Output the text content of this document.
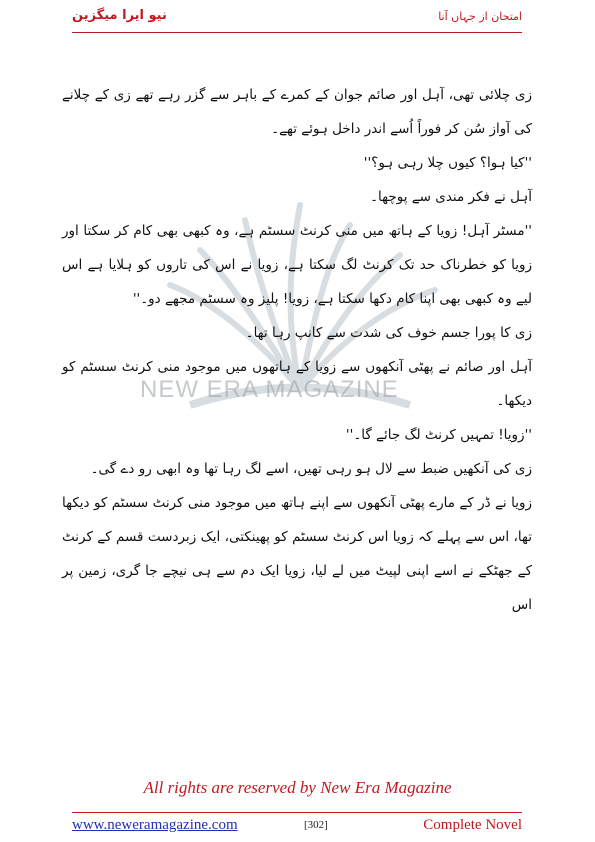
نیو ایرا میگزین	امتحان از جہاں آنا
NEW ERA MAGAZINE

زی چلائی تھی، آہل اور صائم جوان کے کمرے کے باہر سے گزر رہے تھے زی کے چلانے کی آواز سُن کر فوراً اُسے اندر داخل ہوئے تھے۔

''کیا ہوا؟ کیوں چلا رہی ہو؟''

آہل نے فکر مندی سے پوچھا۔

''مسٹر آہل! زویا کے ہاتھ میں منی کرنٹ سسٹم ہے، وہ کبھی بھی کام کر سکتا اور زویا کو خطرناک حد تک کرنٹ لگ سکتا ہے، زویا نے اس کی تاروں کو ہلایا ہے اس لیے وہ کبھی بھی اپنا کام دکھا سکتا ہے، زویا! پلیز وہ سسٹم مجھے دو۔''

زی کا پورا جسم خوف کی شدت سے کانپ رہا تھا۔

آہل اور صائم نے پھٹی آنکھوں سے زویا کے ہاتھوں میں موجود منی کرنٹ سسٹم کو دیکھا۔

''زویا! تمہیں کرنٹ لگ جائے گا۔''

زی کی آنکھیں ضبط سے لال ہو رہی تھیں، اسے لگ رہا تھا وہ ابھی رو دے گی۔

زویا نے ڈر کے مارے پھٹی آنکھوں سے اپنے ہاتھ میں موجود منی کرنٹ سسٹم کو دیکھا تھا، اس سے پہلے کہ زویا اس کرنٹ سسٹم کو پھینکتی، ایک زبردست قسم کے کرنٹ کے جھٹکے نے اسے اپنی لپیٹ میں لے لیا، زویا ایک دم سے ہی نیچے جا گری، زمین پر اس

All rights are reserved by New Era Magazine
www.neweramagazine.com	[302]	Complete Novel
